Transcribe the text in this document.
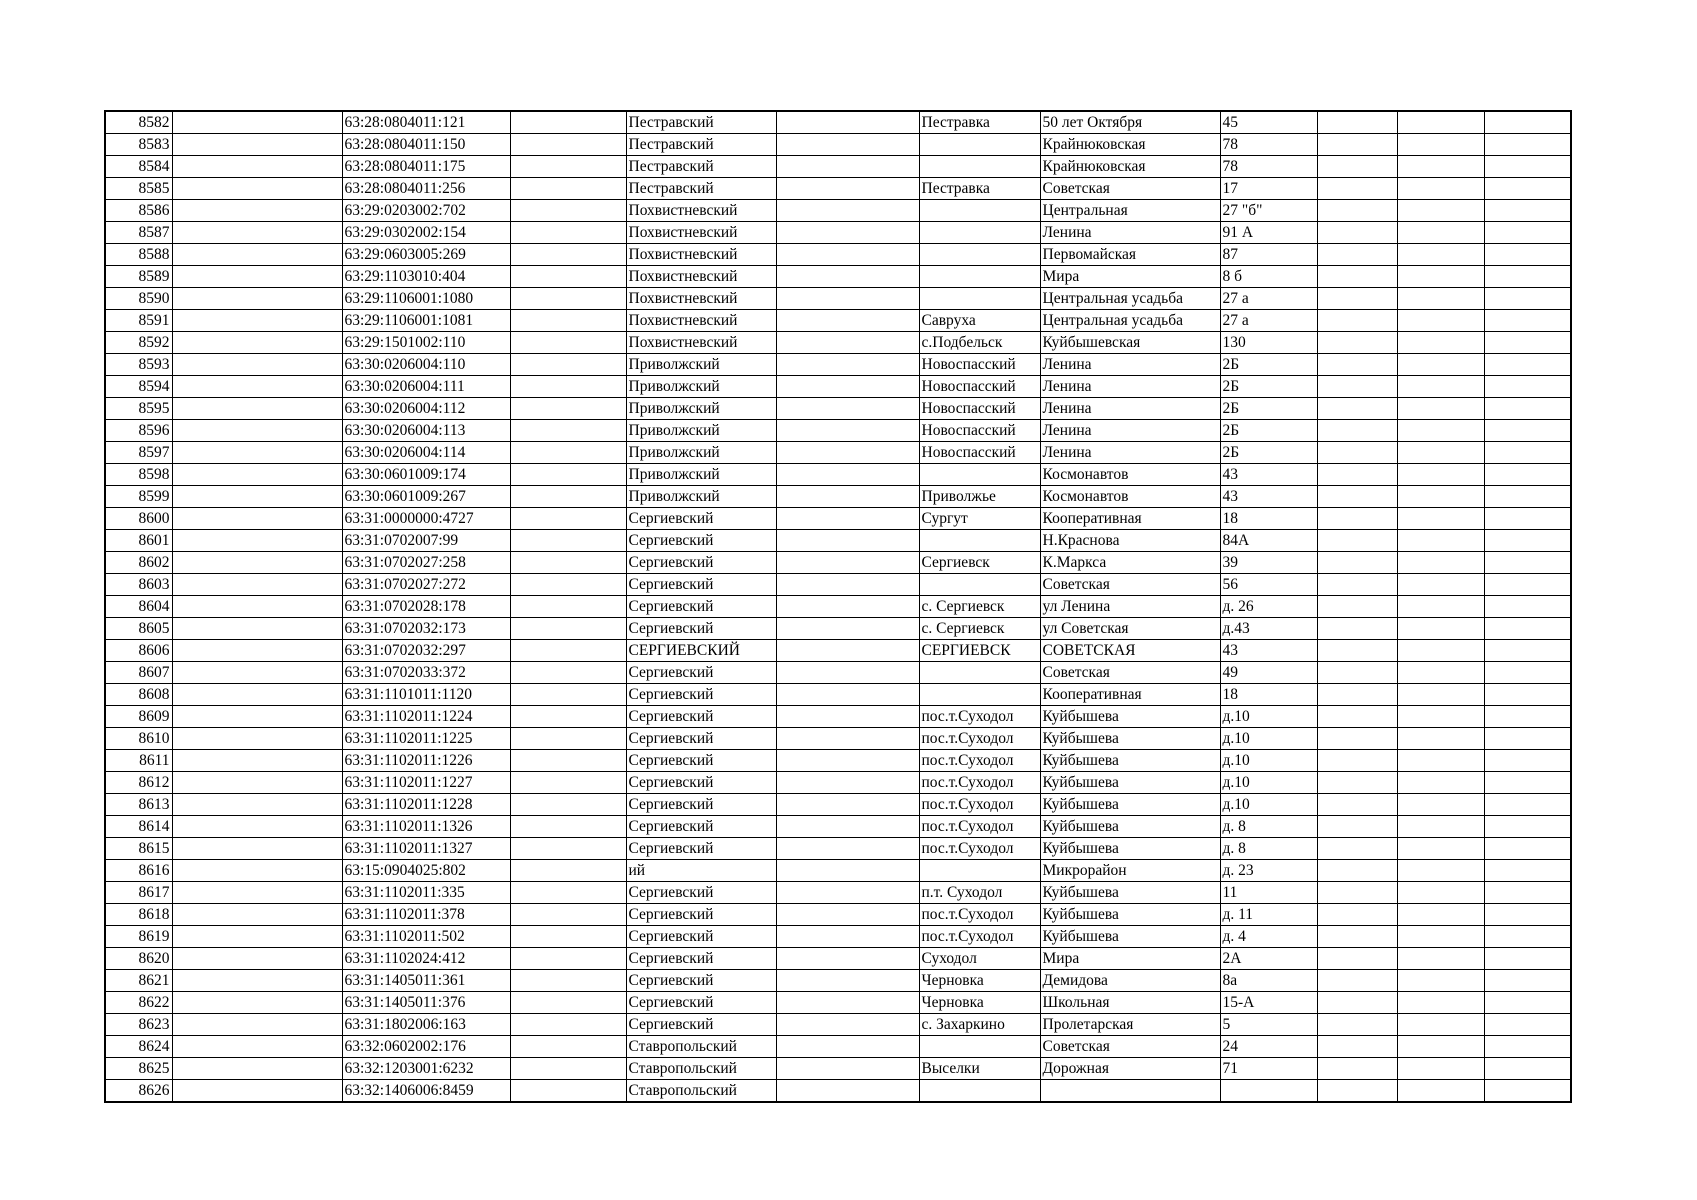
8582		63:28:0804011:121		Пестравский		Пестравка	50 лет Октября	45			
8583		63:28:0804011:150		Пестравский			Крайнюковская	78			
8584		63:28:0804011:175		Пестравский			Крайнюковская	78			
8585		63:28:0804011:256		Пестравский		Пестравка	Советская	17			
8586		63:29:0203002:702		Похвистневский			Центральная	27 "б"			
8587		63:29:0302002:154		Похвистневский			Ленина	91 А			
8588		63:29:0603005:269		Похвистневский			Первомайская	87			
8589		63:29:1103010:404		Похвистневский			Мира	8 б			
8590		63:29:1106001:1080		Похвистневский			Центральная усадьба	27 а			
8591		63:29:1106001:1081		Похвистневский		Савруха	Центральная усадьба	27 а			
8592		63:29:1501002:110		Похвистневский		с.Подбельск	Куйбышевская	130			
8593		63:30:0206004:110		Приволжский		Новоспасский	Ленина	2Б			
8594		63:30:0206004:111		Приволжский		Новоспасский	Ленина	2Б			
8595		63:30:0206004:112		Приволжский		Новоспасский	Ленина	2Б			
8596		63:30:0206004:113		Приволжский		Новоспасский	Ленина	2Б			
8597		63:30:0206004:114		Приволжский		Новоспасский	Ленина	2Б			
8598		63:30:0601009:174		Приволжский			Космонавтов	43			
8599		63:30:0601009:267		Приволжский		Приволжье	Космонавтов	43			
8600		63:31:0000000:4727		Сергиевский		Сургут	Кооперативная	18			
8601		63:31:0702007:99		Сергиевский			Н.Краснова	84А			
8602		63:31:0702027:258		Сергиевский		Сергиевск	К.Маркса	39			
8603		63:31:0702027:272		Сергиевский			Советская	56			
8604		63:31:0702028:178		Сергиевский		с. Сергиевск	ул Ленина	д. 26			
8605		63:31:0702032:173		Сергиевский		с. Сергиевск	ул Советская	д.43			
8606		63:31:0702032:297		СЕРГИЕВСКИЙ		СЕРГИЕВСК	СОВЕТСКАЯ	43			
8607		63:31:0702033:372		Сергиевский			Советская	49			
8608		63:31:1101011:1120		Сергиевский			Кооперативная	18			
8609		63:31:1102011:1224		Сергиевский		пос.т.Суходол	Куйбышева	д.10			
8610		63:31:1102011:1225		Сергиевский		пос.т.Суходол	Куйбышева	д.10			
8611		63:31:1102011:1226		Сергиевский		пос.т.Суходол	Куйбышева	д.10			
8612		63:31:1102011:1227		Сергиевский		пос.т.Суходол	Куйбышева	д.10			
8613		63:31:1102011:1228		Сергиевский		пос.т.Суходол	Куйбышева	д.10			
8614		63:31:1102011:1326		Сергиевский		пос.т.Суходол	Куйбышева	д. 8			
8615		63:31:1102011:1327		Сергиевский		пос.т.Суходол	Куйбышева	д. 8			
8616		63:15:0904025:802		ий			Микрорайон	д. 23			
8617		63:31:1102011:335		Сергиевский		п.т. Суходол	Куйбышева	11			
8618		63:31:1102011:378		Сергиевский		пос.т.Суходол	Куйбышева	д. 11			
8619		63:31:1102011:502		Сергиевский		пос.т.Суходол	Куйбышева	д. 4			
8620		63:31:1102024:412		Сергиевский		Суходол	Мира	2А			
8621		63:31:1405011:361		Сергиевский		Черновка	Демидова	8а			
8622		63:31:1405011:376		Сергиевский		Черновка	Школьная	15-А			
8623		63:31:1802006:163		Сергиевский		с. Захаркино	Пролетарская	5			
8624		63:32:0602002:176		Ставропольский			Советская	24			
8625		63:32:1203001:6232		Ставропольский		Выселки	Дорожная	71			
8626		63:32:1406006:8459		Ставропольский							
